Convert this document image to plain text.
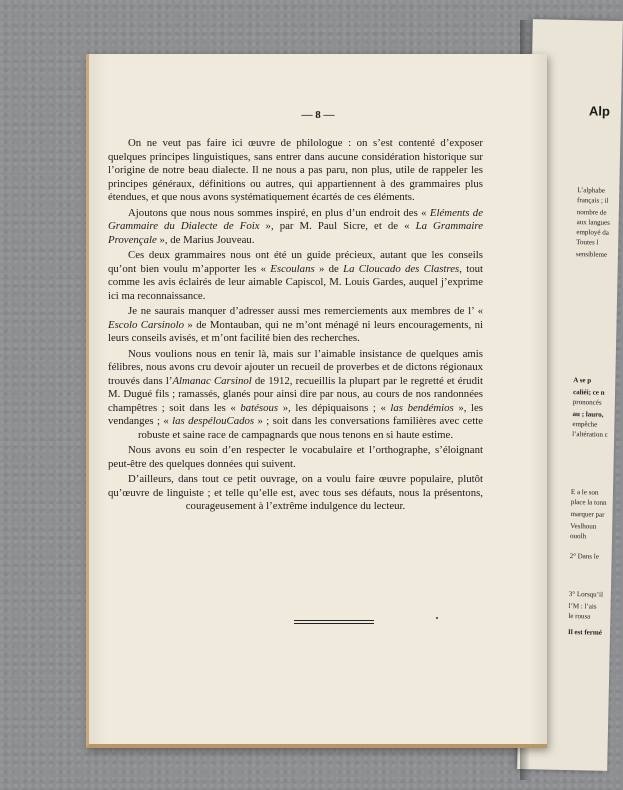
Alp
L’alphabe
français ; il
nombre de
aux langues
employé da
Toutes l
sensibleme
A se p
caliéi; ce n
prononcés
au ; lauro,
empêche
l’altération c
E a le son
place la tonn
marquer par
Veslhoun
ouolh
2° Dans le
3° Lorsqu’il
l’M : l’ais
le rousa
Il est fermé
— 8 —

On ne veut pas faire ici œuvre de philologue : on s’est contenté d’exposer quelques principes linguistiques, sans entrer dans aucune considération historique sur l’origine de notre beau dialecte. Il ne nous a pas paru, non plus, utile de rappeler les principes généraux, définitions ou autres, qui appartiennent à des grammaires plus étendues, et que nous avons systématiquement écartés de ces éléments.

Ajoutons que nous nous sommes inspiré, en plus d’un endroit des « Eléments de Grammaire du Dialecte de Foix », par M. Paul Sicre, et de « La Grammaire Provençale », de Marius Jouveau.

Ces deux grammaires nous ont été un guide précieux, autant que les conseils qu’ont bien voulu m’apporter les « Escoulans » de La Cloucado des Clastres, tout comme les avis éclairés de leur aimable Capiscol, M. Louis Gardes, auquel j’exprime ici ma reconnaissance.

Je ne saurais manquer d’adresser aussi mes remerciements aux membres de l’ « Escolo Carsinolo » de Montauban, qui ne m’ont ménagé ni leurs encouragements, ni leurs conseils avisés, et m’ont facilité bien des recherches.

Nous voulions nous en tenir là, mais sur l’aimable insistance de quelques amis félibres, nous avons cru devoir ajouter un recueil de proverbes et de dictons régionaux trouvés dans l’Almanac Carsinol de 1912, recueillis la plupart par le regretté et érudit M. Dugué fils ; ramassés, glanés pour ainsi dire par nous, au cours de nos randonnées champêtres ; soit dans les « batésous », les dépiquaisons ; « las bendémios », les vendanges ; « las despélouCados » ; soit dans les conversations familières avec cette robuste et saine race de campagnards que nous tenons en si haute estime.

Nous avons eu soin d’en respecter le vocabulaire et l’orthographe, s’éloignant peut-être des quelques données qui suivent.

D’ailleurs, dans tout ce petit ouvrage, on a voulu faire œuvre populaire, plutôt qu’œuvre de linguiste ; et telle qu’elle est, avec tous ses défauts, nous la présentons, courageusement à l’extrême indulgence du lecteur.
